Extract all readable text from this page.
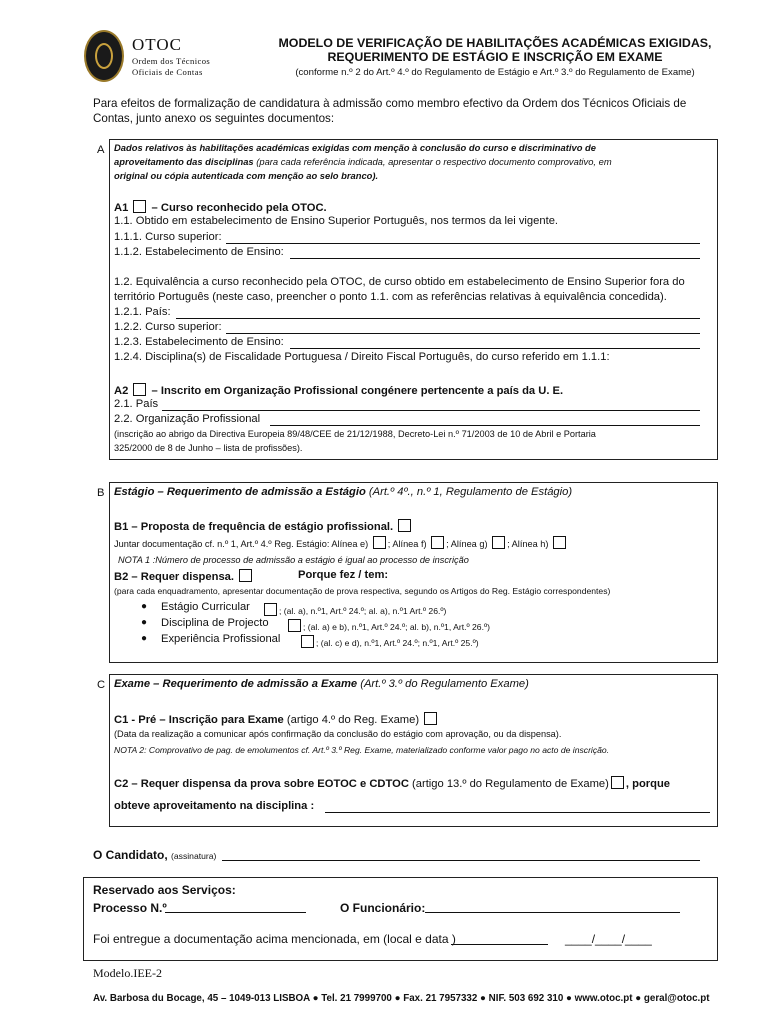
OTOC
Ordem dos Técnicos
Oficiais de Contas
MODELO DE VERIFICAÇÃO DE HABILITAÇÕES ACADÉMICAS EXIGIDAS,
REQUERIMENTO DE ESTÁGIO E INSCRIÇÃO EM EXAME
(conforme n.º 2 do Art.º 4.º do Regulamento de Estágio e Art.º 3.º do Regulamento de Exame)
Para efeitos de formalização de candidatura à admissão como membro efectivo da Ordem dos Técnicos Oficiais de Contas, junto anexo os seguintes documentos:
A Dados relativos às habilitações académicas exigidas com menção à conclusão do curso e discriminativo de
aproveitamento das disciplinas (para cada referência indicada, apresentar o respectivo documento comprovativo, em
original ou cópia autenticada com menção ao selo branco).
A1 – Curso reconhecido pela OTOC.
1.1. Obtido em estabelecimento de Ensino Superior Português, nos termos da lei vigente.
1.1.1. Curso superior:
1.1.2. Estabelecimento de Ensino:
1.2. Equivalência a curso reconhecido pela OTOC, de curso obtido em estabelecimento de Ensino Superior fora do
território Português (neste caso, preencher o ponto 1.1. com as referências relativas à equivalência concedida).
1.2.1. País:
1.2.2. Curso superior:
1.2.3. Estabelecimento de Ensino:
1.2.4. Disciplina(s) de Fiscalidade Portuguesa / Direito Fiscal Português, do curso referido em 1.1.1:
A2 – Inscrito em Organização Profissional congénere pertencente a país da U. E.
2.1. País
2.2. Organização Profissional
(inscrição ao abrigo da Directiva Europeia 89/48/CEE de 21/12/1988, Decreto-Lei n.º 71/2003 de 10 de Abril e Portaria
325/2000 de 8 de Junho – lista de profissões).
B Estágio – Requerimento de admissão a Estágio (Art.º 4º., n.º 1, Regulamento de Estágio)
B1 – Proposta de frequência de estágio profissional.
Juntar documentação cf. n.º 1, Art.º 4.º Reg. Estágio: Alínea e) ; Alínea f) ; Alínea g) ; Alínea h)
NOTA 1 :Número de processo de admissão a estágio é igual ao processo de inscrição
B2 – Requer dispensa.	Porque fez / tem:
(para cada enquadramento, apresentar documentação de prova respectiva, segundo os Artigos do Reg. Estágio correspondentes)
● Estágio Curricular	; (al. a), n.º1, Art.º 24.º; al. a), n.º1 Art.º 26.º)
● Disciplina de Projecto	; (al. a) e b), n.º1, Art.º 24.º; al. b), n.º1, Art.º 26.º)
● Experiência Profissional	; (al. c) e d), n.º1, Art.º 24.º; n.º1, Art.º 25.º)
C Exame – Requerimento de admissão a Exame (Art.º 3.º do Regulamento Exame)
C1 - Pré – Inscrição para Exame (artigo 4.º do Reg. Exame)
(Data da realização a comunicar após confirmação da conclusão do estágio com aprovação, ou da dispensa).
NOTA 2: Comprovativo de pag. de emolumentos cf. Art.º 3.º Reg. Exame, materializado conforme valor pago no acto de inscrição.
C2 – Requer dispensa da prova sobre EOTOC e CDTOC (artigo 13.º do Regulamento de Exame) , porque
obteve aproveitamento na disciplina :
O Candidato, (assinatura)
Reservado aos Serviços:
Processo N.º	O Funcionário:
Foi entregue a documentação acima mencionada, em (local e data )	____/____/____
Modelo.IEE-2
Av. Barbosa du Bocage, 45 – 1049-013 LISBOA ● Tel. 21 7999700 ● Fax. 21 7957332 ● NIF. 503 692 310 ● www.otoc.pt ● geral@otoc.pt
